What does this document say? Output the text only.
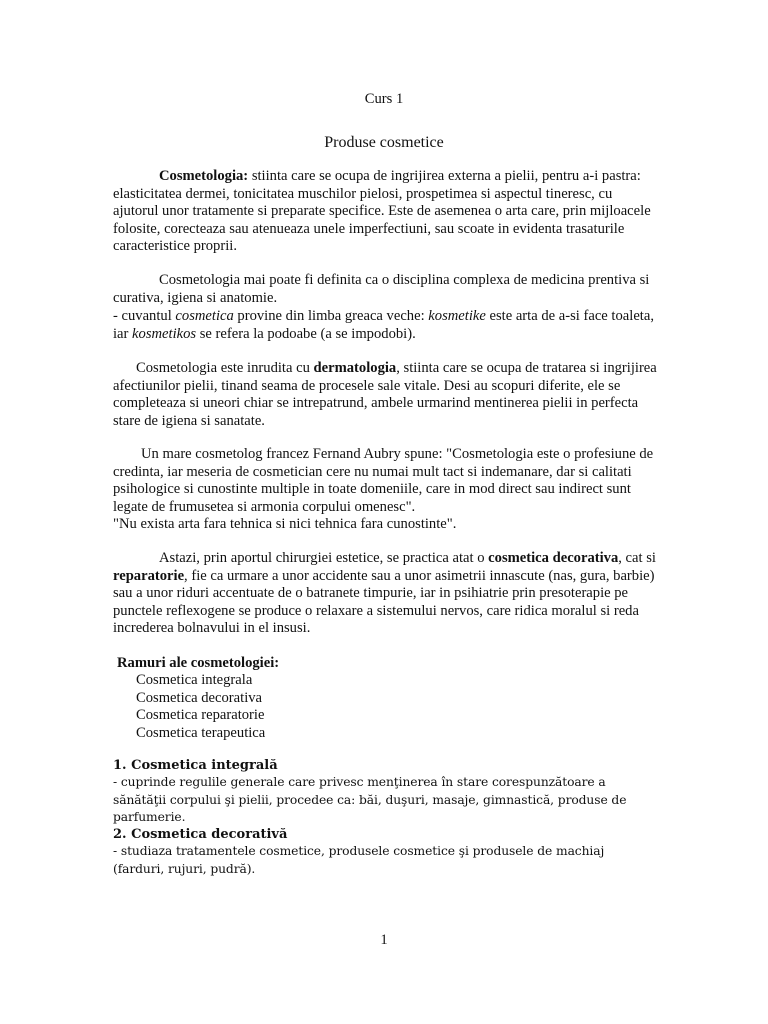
Curs 1

Produse cosmetice

Cosmetologia: stiinta care se ocupa de ingrijirea externa a pielii, pentru a-i pastra: elasticitatea dermei, tonicitatea muschilor pielosi, prospetimea si aspectul tineresc, cu ajutorul unor tratamente si preparate specifice. Este de asemenea o arta care, prin mijloacele folosite, corecteaza sau atenueaza unele imperfectiuni, sau scoate in evidenta trasaturile caracteristice proprii.

Cosmetologia mai poate fi definita ca o disciplina complexa de medicina prentiva si curativa, igiena si anatomie.

- cuvantul cosmetica provine din limba greaca veche: kosmetike este arta de a-si face toaleta, iar kosmetikos se refera la podoabe (a se impodobi).

Cosmetologia este inrudita cu dermatologia, stiinta care se ocupa de tratarea si ingrijirea afectiunilor pielii, tinand seama de procesele sale vitale. Desi au scopuri diferite, ele se completeaza si uneori chiar se intrepatrund, ambele urmarind mentinerea pielii in perfecta stare de igiena si sanatate.

Un mare cosmetolog francez Fernand Aubry spune: "Cosmetologia este o profesiune de credinta, iar meseria de cosmetician cere nu numai mult tact si indemanare, dar si calitati psihologice si cunostinte multiple in toate domeniile, care in mod direct sau indirect sunt legate de frumusetea si armonia corpului omenesc".

"Nu exista arta fara tehnica si nici tehnica fara cunostinte".

Astazi, prin aportul chirurgiei estetice, se practica atat o cosmetica decorativa, cat si reparatorie, fie ca urmare a unor accidente sau a unor asimetrii innascute (nas, gura, barbie) sau a unor riduri accentuate de o batranete timpurie, iar in psihiatrie prin presoterapie pe punctele reflexogene se produce o relaxare a sistemului nervos, care ridica moralul si reda increderea bolnavului in el insusi.

Ramuri ale cosmetologiei:

Cosmetica integrala
Cosmetica decorativa
Cosmetica reparatorie
Cosmetica terapeutica

1. Cosmetica integrală

- cuprinde regulile generale care privesc menţinerea în stare corespunzătoare a sănătăţii corpului şi pielii, procedee ca: băi, duşuri, masaje, gimnastică, produse de parfumerie.

2. Cosmetica decorativă

- studiaza tratamentele cosmetice, produsele cosmetice şi produsele de machiaj (farduri, rujuri, pudră).

1
